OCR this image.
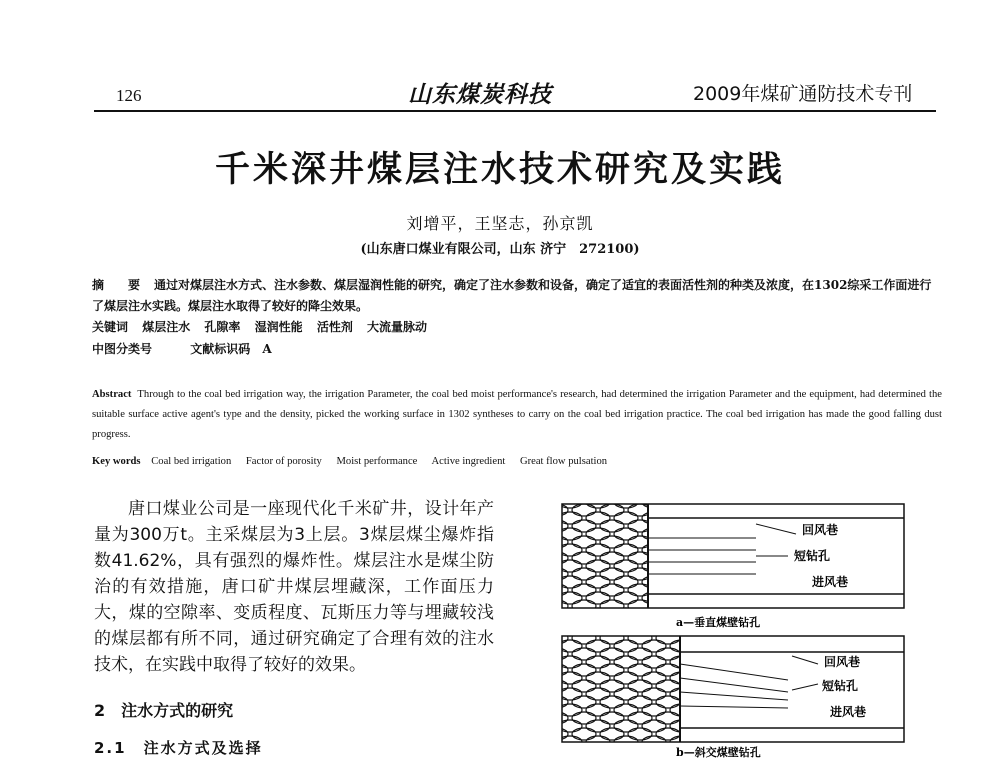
126	山东煤炭科技	2009年煤矿通防技术专刊
千米深井煤层注水技术研究及实践
刘增平，王坚志，孙京凯
(山东唐口煤业有限公司，山东 济宁　272100)
摘　要 通过对煤层注水方式、注水参数、煤层湿润性能的研究，确定了注水参数和设备，确定了适宜的表面活性剂的种类及浓度，在1302综采工作面进行了煤层注水实践。煤层注水取得了较好的降尘效果。
关键词 煤层注水 孔隙率 湿润性能 活性剂 大流量脉动
中图分类号	文献标识码 A
Abstract Through to the coal bed irrigation way, the irrigation Parameter, the coal bed moist performance's research, had determined the irrigation Parameter and the equipment, had determined the suitable surface active agent's type and the density, picked the working surface in 1302 syntheses to carry on the coal bed irrigation practice. The coal bed irrigation has made the good falling dust progress.
Key words Coal bed irrigation Factor of porosity Moist performance Active ingredient Great flow pulsation

唐口煤业公司是一座现代化千米矿井，设计年产量为300万t。主采煤层为3上层。3煤层煤尘爆炸指数41.62%，具有强烈的爆炸性。煤层注水是煤尘防治的有效措施，唐口矿井煤层埋藏深，工作面压力大，煤的空隙率、变质程度、瓦斯压力等与埋藏较浅的煤层都有所不同，通过研究确定了合理有效的注水技术，在实践中取得了较好的效果。

2　注水方式的研究
2.1　注水方式及选择
回风巷
短钻孔
进风巷
a—垂直煤壁钻孔
回风巷
短钻孔
进风巷
b—斜交煤壁钻孔
